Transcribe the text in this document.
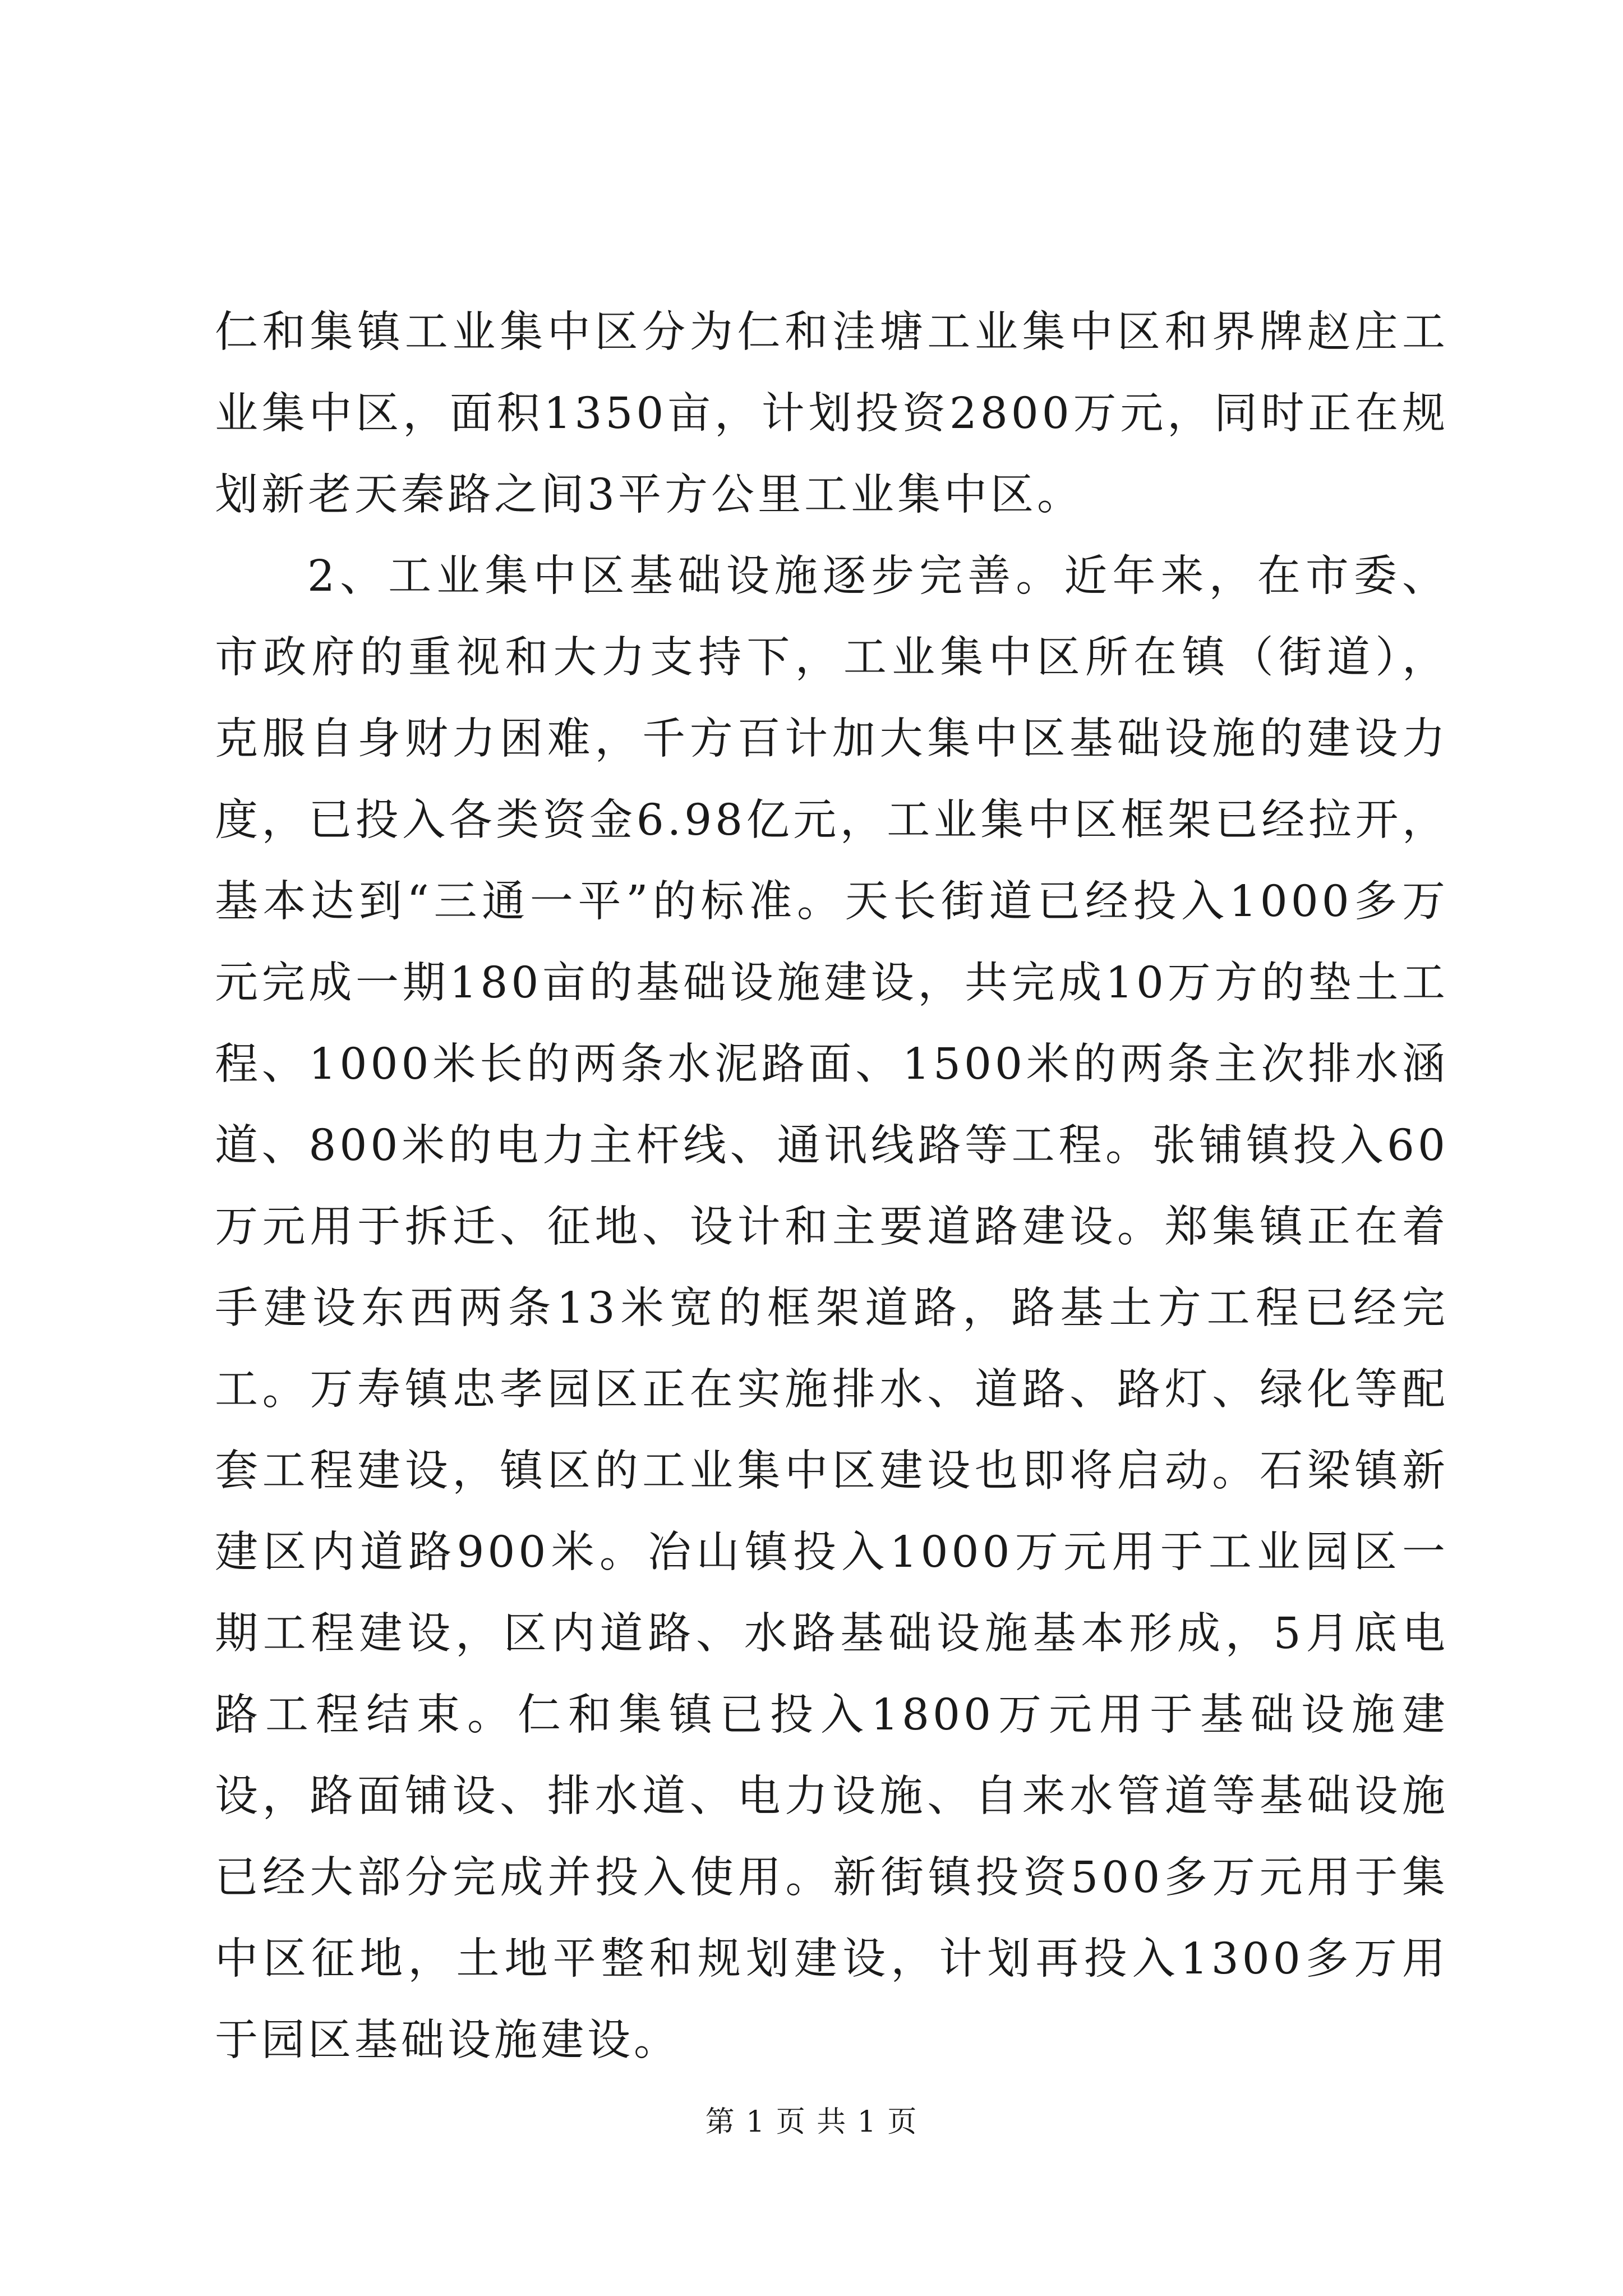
仁和集镇工业集中区分为仁和洼塘工业集中区和界牌赵庄工业集中区，面积1350亩，计划投资2800万元，同时正在规划新老天秦路之间3平方公里工业集中区。

2、工业集中区基础设施逐步完善。近年来，在市委、市政府的重视和大力支持下，工业集中区所在镇（街道），克服自身财力困难，千方百计加大集中区基础设施的建设力度，已投入各类资金6.98亿元，工业集中区框架已经拉开，基本达到“三通一平”的标准。天长街道已经投入1000多万元完成一期180亩的基础设施建设，共完成10万方的垫土工程、1000米长的两条水泥路面、1500米的两条主次排水涵道、800米的电力主杆线、通讯线路等工程。张铺镇投入60万元用于拆迁、征地、设计和主要道路建设。郑集镇正在着手建设东西两条13米宽的框架道路，路基土方工程已经完工。万寿镇忠孝园区正在实施排水、道路、路灯、绿化等配套工程建设，镇区的工业集中区建设也即将启动。石梁镇新建区内道路900米。冶山镇投入1000万元用于工业园区一期工程建设，区内道路、水路基础设施基本形成，5月底电路工程结束。仁和集镇已投入1800万元用于基础设施建设，路面铺设、排水道、电力设施、自来水管道等基础设施已经大部分完成并投入使用。新街镇投资500多万元用于集中区征地，土地平整和规划建设，计划再投入1300多万用于园区基础设施建设。

第 1 页 共 1 页
